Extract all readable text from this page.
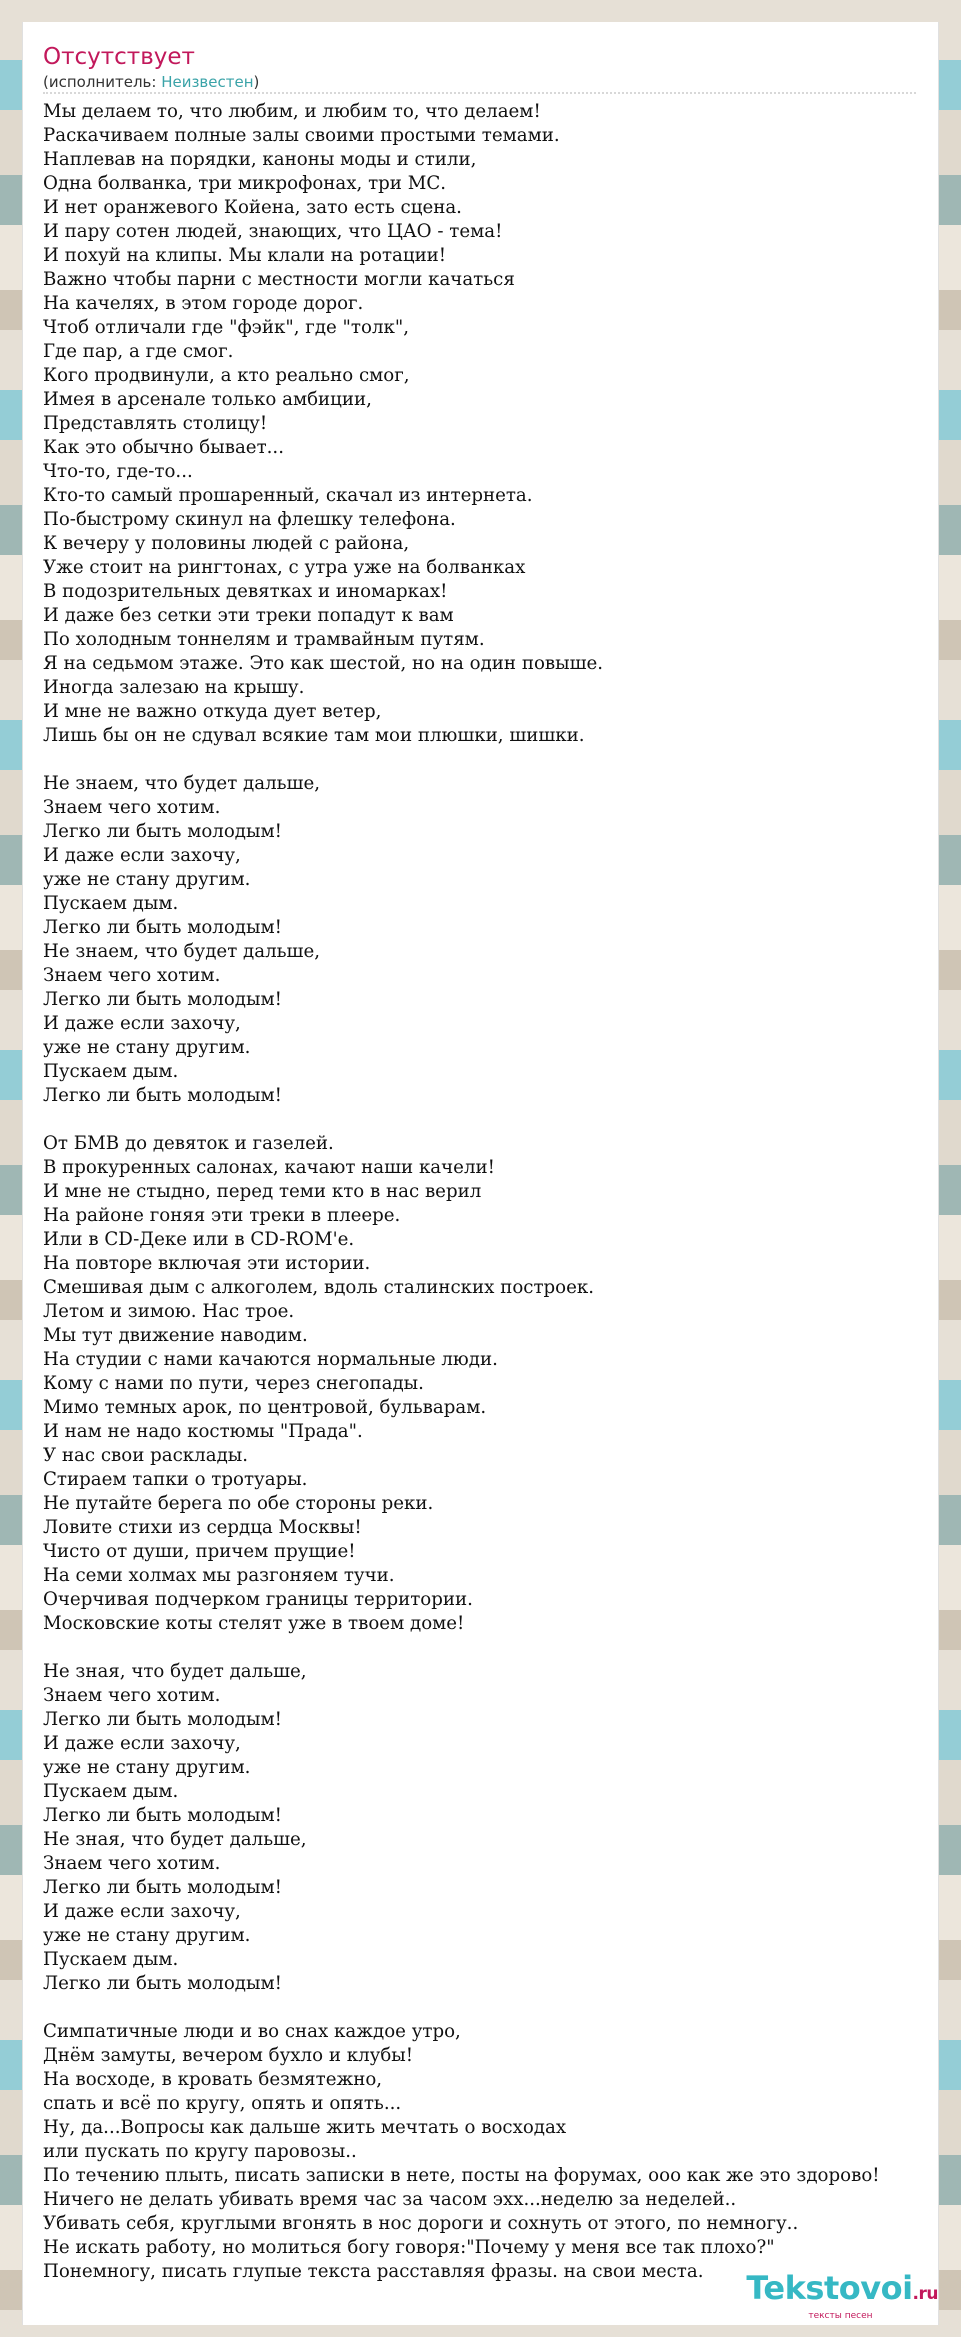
Отсутствует
(исполнитель: Неизвестен)
Мы делаем то, что любим, и любим то, что делаем!
Раскачиваем полные залы своими простыми темами.
Наплевав на порядки, каноны моды и стили,
Одна болванка, три микрофонах, три МС.
И нет оранжевого Койена, зато есть сцена.
И пару сотен людей, знающих, что ЦАО - тема!
И похуй на клипы. Мы клали на ротации!
Важно чтобы парни с местности могли качаться
На качелях, в этом городе дорог.
Чтоб отличали где "фэйк", где "толк",
Где пар, а где смог.
Кого продвинули, а кто реально смог,
Имея в арсенале только амбиции,
Представлять столицу!
Как это обычно бывает...
Что-то, где-то...
Кто-то самый прошаренный, скачал из интернета.
По-быстрому скинул на флешку телефона.
К вечеру у половины людей с района,
Уже стоит на рингтонах, с утра уже на болванках
В подозрительных девятках и иномарках!
И даже без сетки эти треки попадут к вам
По холодным тоннелям и трамвайным путям.
Я на седьмом этаже. Это как шестой, но на один повыше.
Иногда залезаю на крышу.
И мне не важно откуда дует ветер,
Лишь бы он не сдувал всякие там мои плюшки, шишки.
Не знаем, что будет дальше,
Знаем чего хотим.
Легко ли быть молодым!
И даже если захочу,
уже не стану другим.
Пускаем дым.
Легко ли быть молодым!
Не знаем, что будет дальше,
Знаем чего хотим.
Легко ли быть молодым!
И даже если захочу,
уже не стану другим.
Пускаем дым.
Легко ли быть молодым!
От БМВ до девяток и газелей.
В прокуренных салонах, качают наши качели!
И мне не стыдно, перед теми кто в нас верил
На районе гоняя эти треки в плеере.
Или в CD-Деке или в CD-ROM'е.
На повторе включая эти истории.
Смешивая дым с алкоголем, вдоль сталинских построек.
Летом и зимою. Нас трое.
Мы тут движение наводим.
На студии с нами качаются нормальные люди.
Кому с нами по пути, через снегопады.
Мимо темных арок, по центровой, бульварам.
И нам не надо костюмы "Прада".
У нас свои расклады.
Стираем тапки о тротуары.
Не путайте берега по обе стороны реки.
Ловите стихи из сердца Москвы!
Чисто от души, причем прущие!
На семи холмах мы разгоняем тучи.
Очерчивая подчерком границы территории.
Московские коты стелят уже в твоем доме!
Не зная, что будет дальше,
Знаем чего хотим.
Легко ли быть молодым!
И даже если захочу,
уже не стану другим.
Пускаем дым.
Легко ли быть молодым!
Не зная, что будет дальше,
Знаем чего хотим.
Легко ли быть молодым!
И даже если захочу,
уже не стану другим.
Пускаем дым.
Легко ли быть молодым!
Симпатичные люди и во снах каждое утро,
Днём замуты, вечером бухло и клубы!
На восходе, в кровать безмятежно,
спать и всё по кругу, опять и опять...
Ну, да...Вопросы как дальше жить мечтать о восходах
или пускать по кругу паровозы..
По течению плыть, писать записки в нете, посты на форумах, ооо как же это здорово!
Ничего не делать убивать время час за часом эхх...неделю за неделей..
Убивать себя, круглыми вгонять в нос дороги и сохнуть от этого, по немногу..
Не искать работу, но молиться богу говоря:"Почему у меня все так плохо?"
Понемногу, писать глупые текста расставляя фразы. на свои места.	Tekstovoi.ru
тексты песен
